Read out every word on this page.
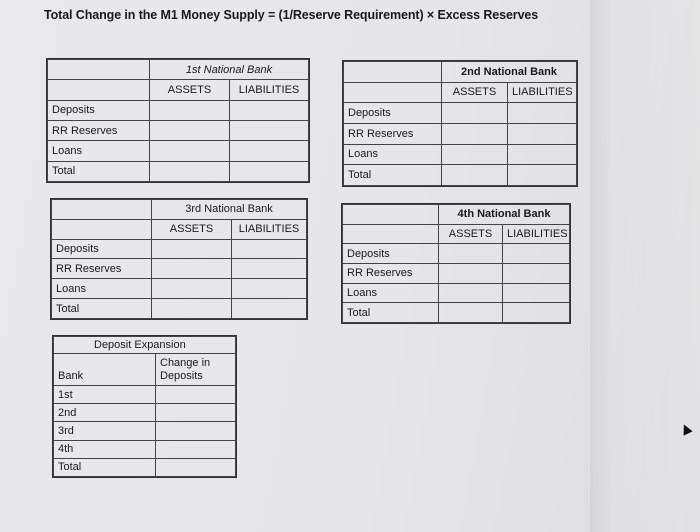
Total Change in the M1 Money Supply = (1/Reserve Requirement) × Excess Reserves
	1st National Bank	
	ASSETS	LIABILITIES
Deposits		
RR Reserves		
Loans		
Total		
	2nd National Bank	
	ASSETS	LIABILITIES
Deposits		
RR Reserves		
Loans		
Total		
	3rd National Bank	
	ASSETS	LIABILITIES
Deposits		
RR Reserves		
Loans		
Total		
	4th National Bank	
	ASSETS	LIABILITIES
Deposits		
RR Reserves		
Loans		
Total		
Deposit Expansion	
Bank	Change in Deposits
1st	
2nd	
3rd	
4th	
Total	
